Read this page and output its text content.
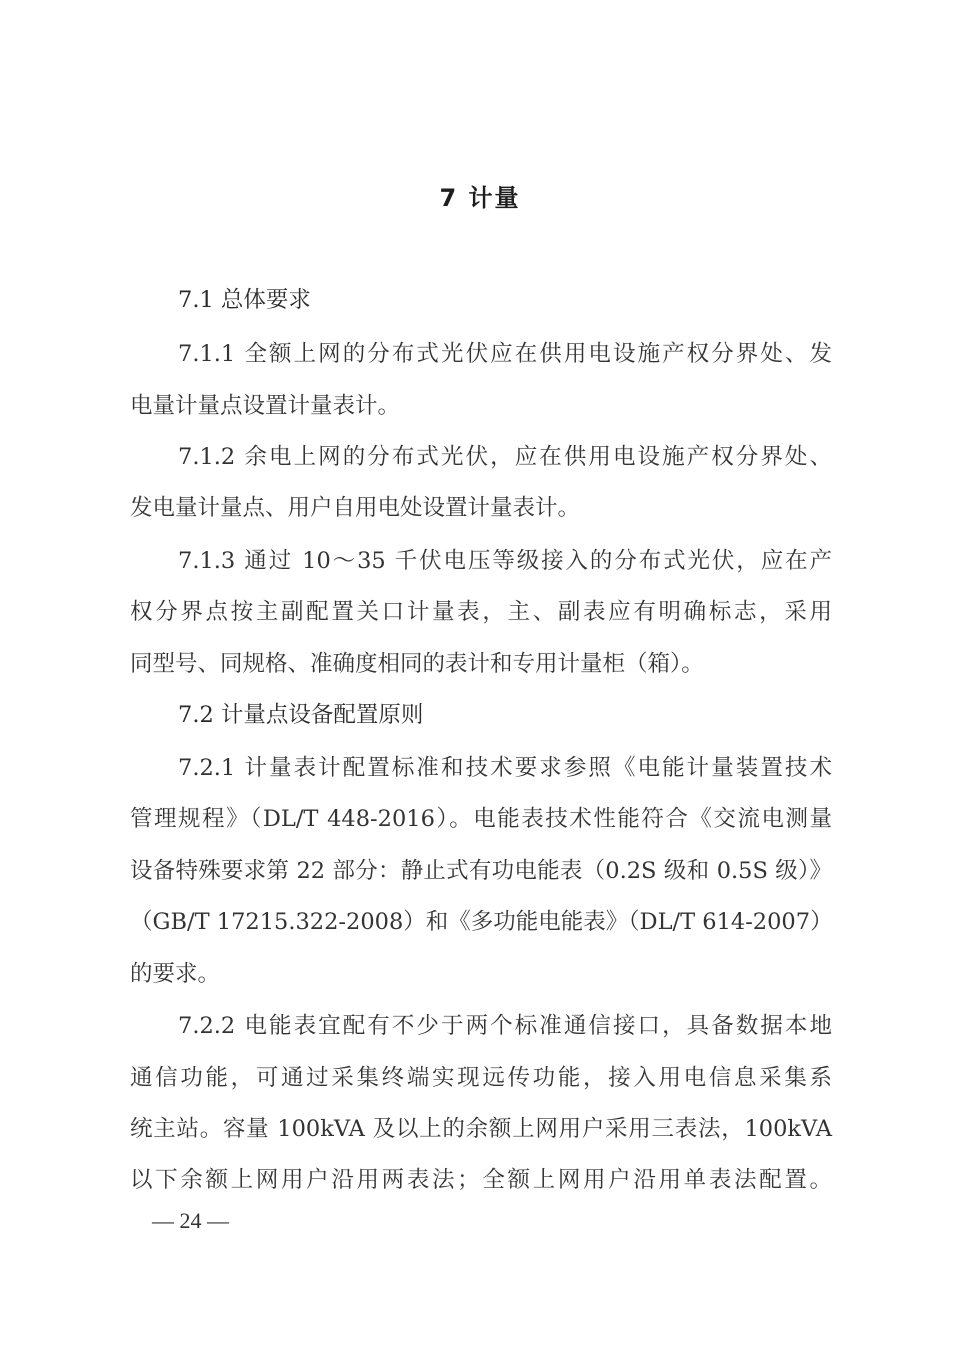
7 计量
7.1 总体要求
7.1.1 全额上网的分布式光伏应在供用电设施产权分界处、发
电量计量点设置计量表计。
7.1.2 余电上网的分布式光伏，应在供用电设施产权分界处、
发电量计量点、用户自用电处设置计量表计。
7.1.3 通过 10～35 千伏电压等级接入的分布式光伏，应在产
权分界点按主副配置关口计量表，主、副表应有明确标志，采用
同型号、同规格、准确度相同的表计和专用计量柜（箱）。
7.2 计量点设备配置原则
7.2.1 计量表计配置标准和技术要求参照《电能计量装置技术
管理规程》（DL/T 448-2016）。电能表技术性能符合《交流电测量
设备特殊要求第 22 部分：静止式有功电能表（0.2S 级和 0.5S 级）》
（GB/T 17215.322-2008）和《多功能电能表》（DL/T 614-2007）
的要求。
7.2.2 电能表宜配有不少于两个标准通信接口，具备数据本地
通信功能，可通过采集终端实现远传功能，接入用电信息采集系
统主站。容量 100kVA 及以上的余额上网用户采用三表法，100kVA
以下余额上网用户沿用两表法；全额上网用户沿用单表法配置。
— 24 —
